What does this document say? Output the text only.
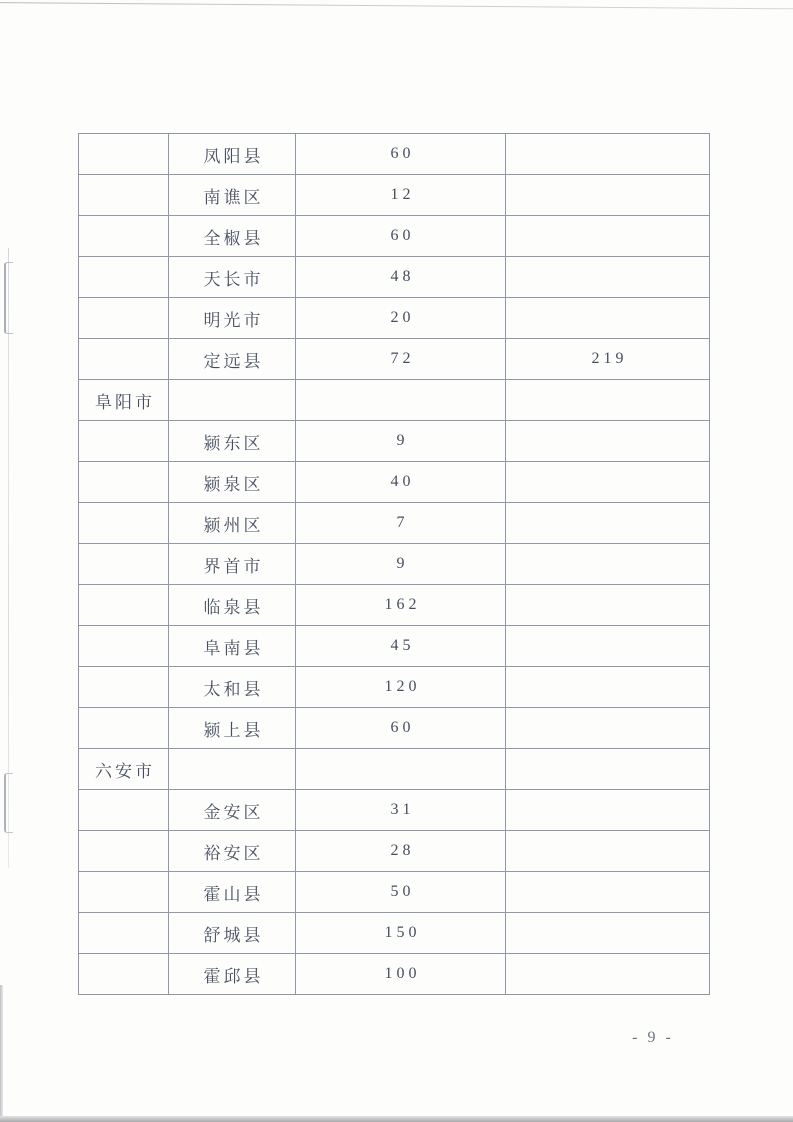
	凤阳县	60	
	南谯区	12	
	全椒县	60	
	天长市	48	
	明光市	20	
	定远县	72	219
阜阳市			
	颍东区	9	
	颍泉区	40	
	颍州区	7	
	界首市	9	
	临泉县	162	
	阜南县	45	
	太和县	120	
	颍上县	60	
六安市			
	金安区	31	
	裕安区	28	
	霍山县	50	
	舒城县	150	
	霍邱县	100	
- 9 -
